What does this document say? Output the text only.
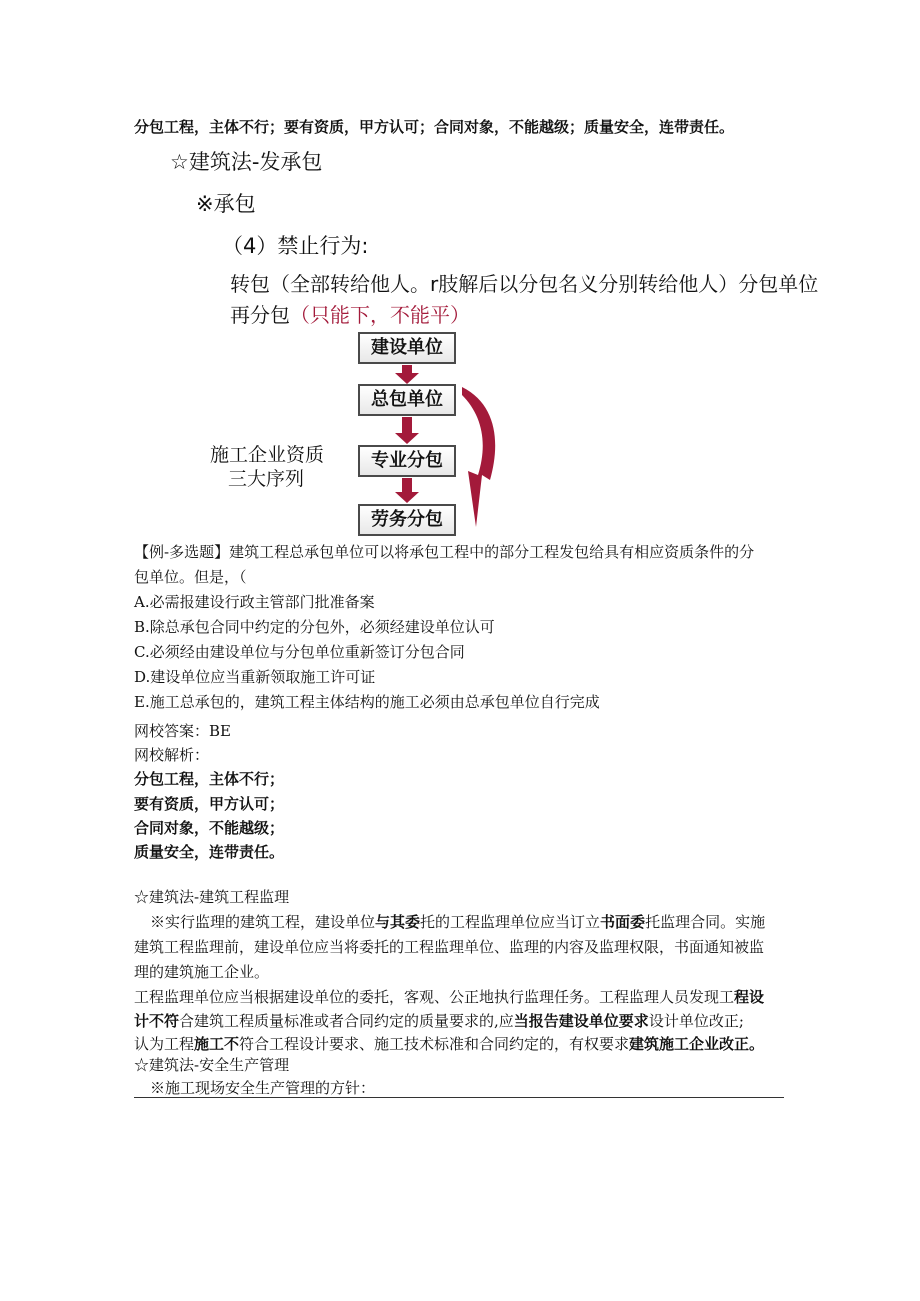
分包工程，主体不行；要有资质，甲方认可；合同对象，不能越级；质量安全，连带责任。
☆建筑法-发承包
※承包
（4）禁止行为:
转包（全部转给他人。r肢解后以分包名义分别转给他人）分包单位
再分包（只能下，不能平）
建设单位
总包单位
专业分包
劳务分包
施工企业资质
三大序列
【例-多选题】建筑工程总承包单位可以将承包工程中的部分工程发包给具有相应资质条件的分
包单位。但是，（
A.必需报建设行政主管部门批准备案
B.除总承包合同中约定的分包外，必须经建设单位认可
C.必须经由建设单位与分包单位重新签订分包合同
D.建设单位应当重新领取施工许可证
E.施工总承包的，建筑工程主体结构的施工必须由总承包单位自行完成
网校答案：BE
网校解析：
分包工程，主体不行；
要有资质，甲方认可；
合同对象，不能越级；
质量安全，连带责任。
☆建筑法-建筑工程监理
※实行监理的建筑工程，建设单位与其委托的工程监理单位应当订立书面委托监理合同。实施
建筑工程监理前，建设单位应当将委托的工程监理单位、监理的内容及监理权限，书面通知被监
理的建筑施工企业。
工程监理单位应当根据建设单位的委托，客观、公正地执行监理任务。工程监理人员发现工程设
计不符合建筑工程质量标准或者合同约定的质量要求的,应当报告建设单位要求设计单位改正;
认为工程施工不符合工程设计要求、施工技术标准和合同约定的，有权要求建筑施工企业改正。
☆建筑法-安全生产管理
※施工现场安全生产管理的方针：
